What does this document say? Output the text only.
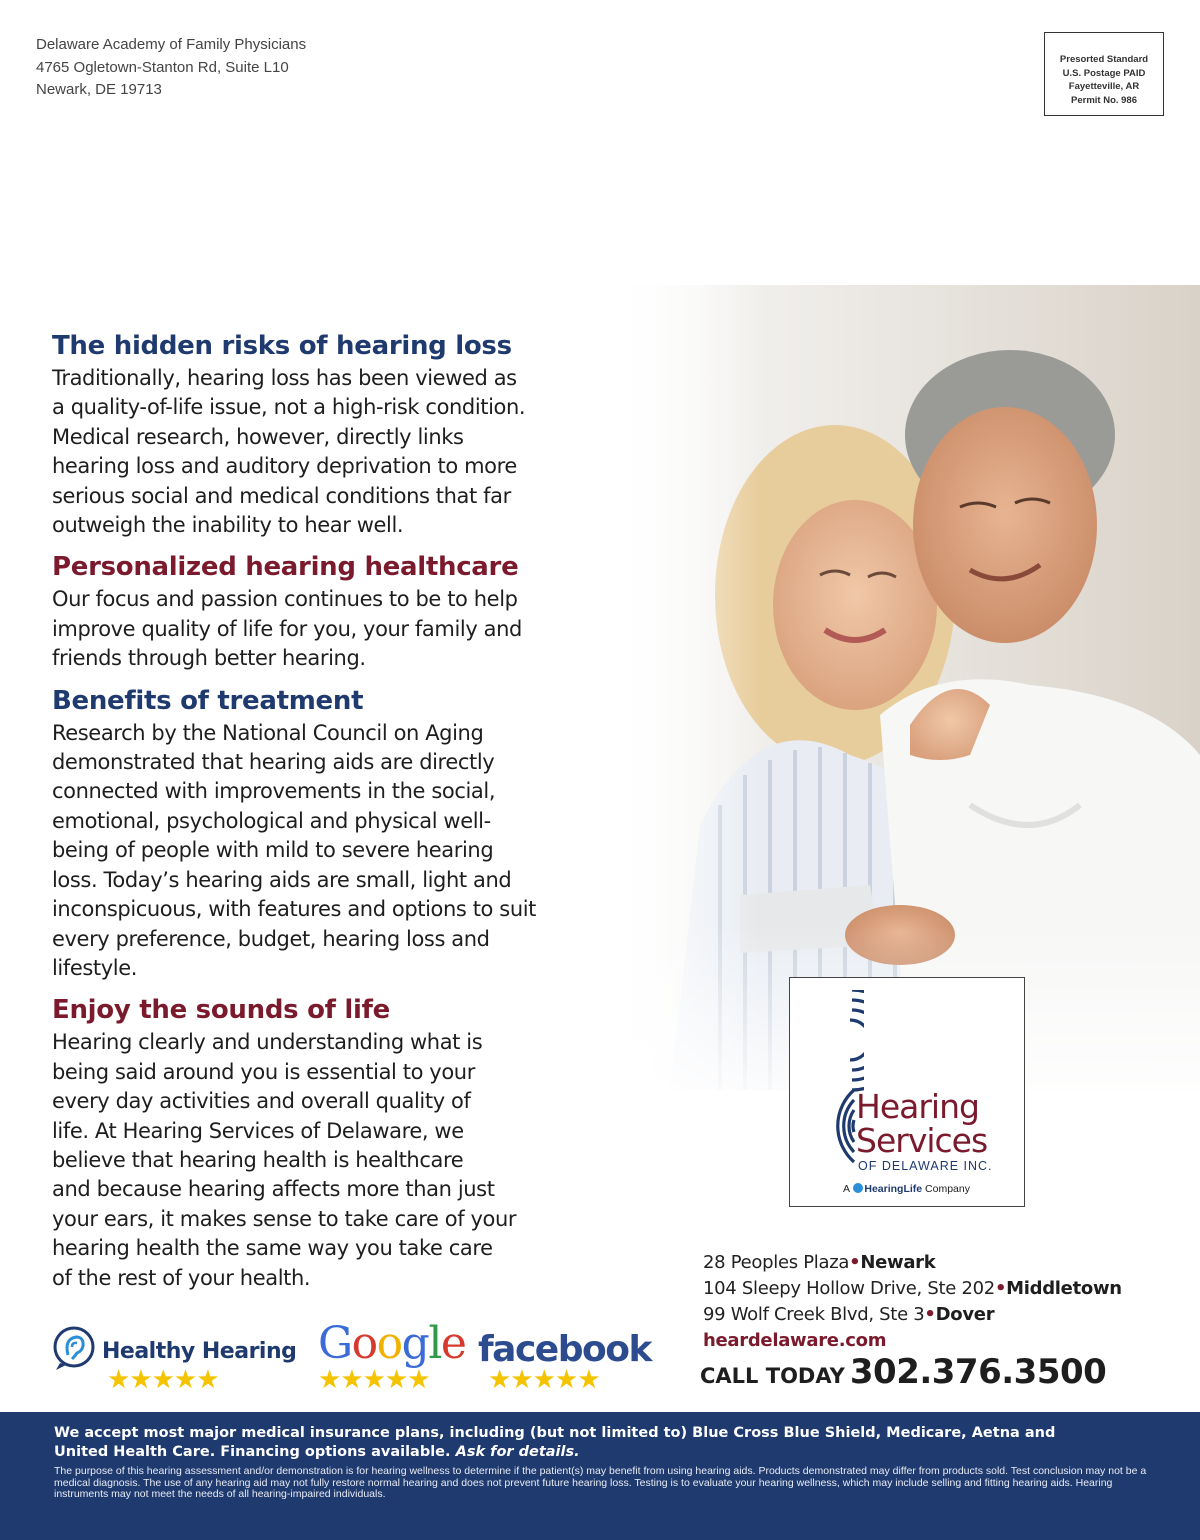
Delaware Academy of Family Physicians
4765 Ogletown-Stanton Rd, Suite L10
Newark, DE 19713
Presorted Standard
U.S. Postage PAID
Fayetteville, AR
Permit No. 986
The hidden risks of hearing loss

Traditionally, hearing loss has been viewed as
a quality-of-life issue, not a high-risk condition.
Medical research, however, directly links
hearing loss and auditory deprivation to more
serious social and medical conditions that far
outweigh the inability to hear well.

Personalized hearing healthcare

Our focus and passion continues to be to help
improve quality of life for you, your family and
friends through better hearing.

Benefits of treatment

Research by the National Council on Aging
demonstrated that hearing aids are directly
connected with improvements in the social,
emotional, psychological and physical well-
being of people with mild to severe hearing
loss. Today’s hearing aids are small, light and
inconspicuous, with features and options to suit
every preference, budget, hearing loss and
lifestyle.

Enjoy the sounds of life

Hearing clearly and understanding what is
being said around you is essential to your
every day activities and overall quality of
life. At Hearing Services of Delaware, we
believe that hearing health is healthcare
and because hearing affects more than just
your ears, it makes sense to take care of your
hearing health the same way you take care
of the rest of your health.

Hearing
Services
OF DELAWARE INC.
A HearingLife Company
28 Peoples Plaza•Newark
104 Sleepy Hollow Drive, Ste 202•Middletown
99 Wolf Creek Blvd, Ste 3•Dover
heardelaware.com
CALL TODAY 302.376.3500
Healthy Hearing
★★★★★
Google
★★★★★
facebook
★★★★★
We accept most major medical insurance plans, including (but not limited to) Blue Cross Blue Shield, Medicare, Aetna and
United Health Care. Financing options available. Ask for details.
The purpose of this hearing assessment and/or demonstration is for hearing wellness to determine if the patient(s) may benefit from using hearing aids. Products demonstrated may differ from products sold. Test conclusion may not be a medical diagnosis. The use of any hearing aid may not fully restore normal hearing and does not prevent future hearing loss. Testing is to evaluate your hearing wellness, which may include selling and fitting hearing aids. Hearing instruments may not meet the needs of all hearing-impaired individuals.
